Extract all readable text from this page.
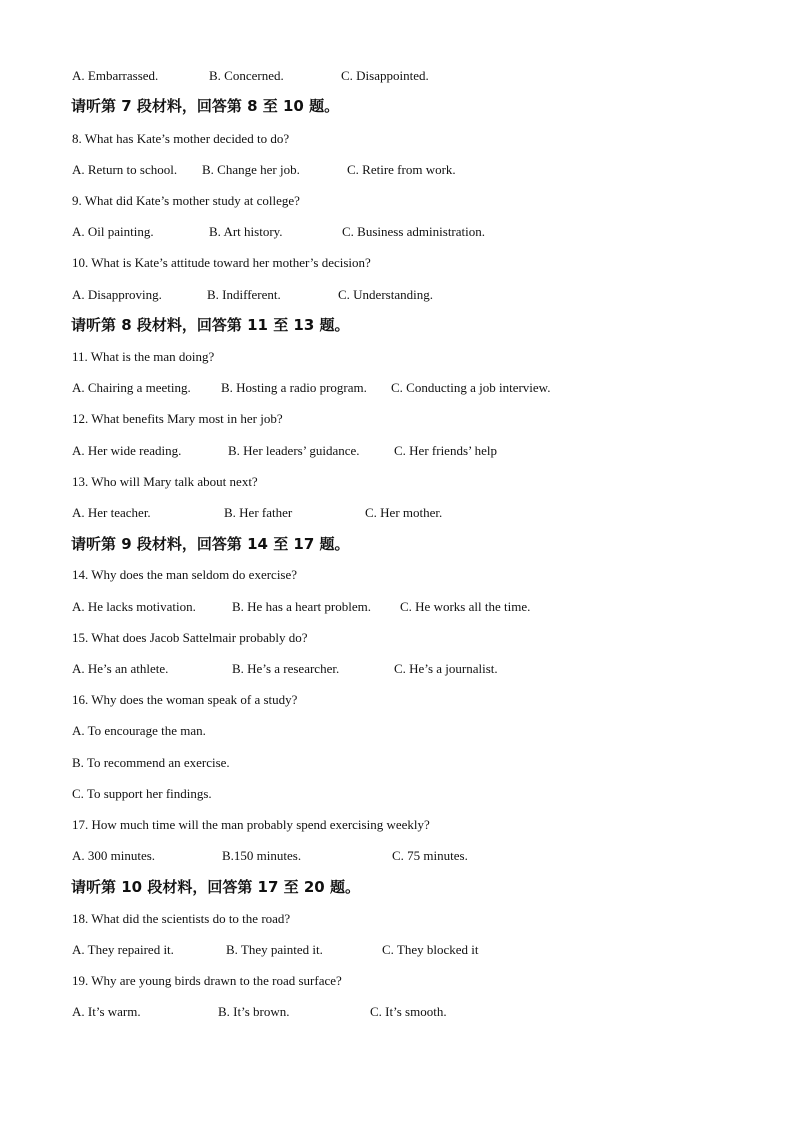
A. Embarrassed.	B. Concerned.	C. Disappointed.
请听第 7 段材料，回答第 8 至 10 题。
8. What has Kate’s mother decided to do?
A. Return to school. B. Change her job.	C. Retire from work.
9. What did Kate’s mother study at college?
A. Oil painting.	B. Art history.	C. Business administration.
10. What is Kate’s attitude toward her mother’s decision?
A. Disapproving.	B. Indifferent.	C. Understanding.
请听第 8 段材料，回答第 11 至 13 题。
11. What is the man doing?
A. Chairing a meeting. B. Hosting a radio program. C. Conducting a job interview.
12. What benefits Mary most in her job?
A. Her wide reading.	B. Her leaders’ guidance.	C. Her friends’ help
13. Who will Mary talk about next?
A. Her teacher.	B. Her father	C. Her mother.
请听第 9 段材料，回答第 14 至 17 题。
14. Why does the man seldom do exercise?
A. He lacks motivation.	B. He has a heart problem. C. He works all the time.
15. What does Jacob Sattelmair probably do?
A. He’s an athlete.	B. He’s a researcher.	C. He’s a journalist.
16. Why does the woman speak of a study?
A. To encourage the man.
B. To recommend an exercise.
C. To support her findings.
17. How much time will the man probably spend exercising weekly?
A. 300 minutes.	B.150 minutes.	C. 75 minutes.
请听第 10 段材料，回答第 17 至 20 题。
18. What did the scientists do to the road?
A. They repaired it.	B. They painted it.	C. They blocked it
19. Why are young birds drawn to the road surface?
A. It’s warm.	B. It’s brown.	C. It’s smooth.
